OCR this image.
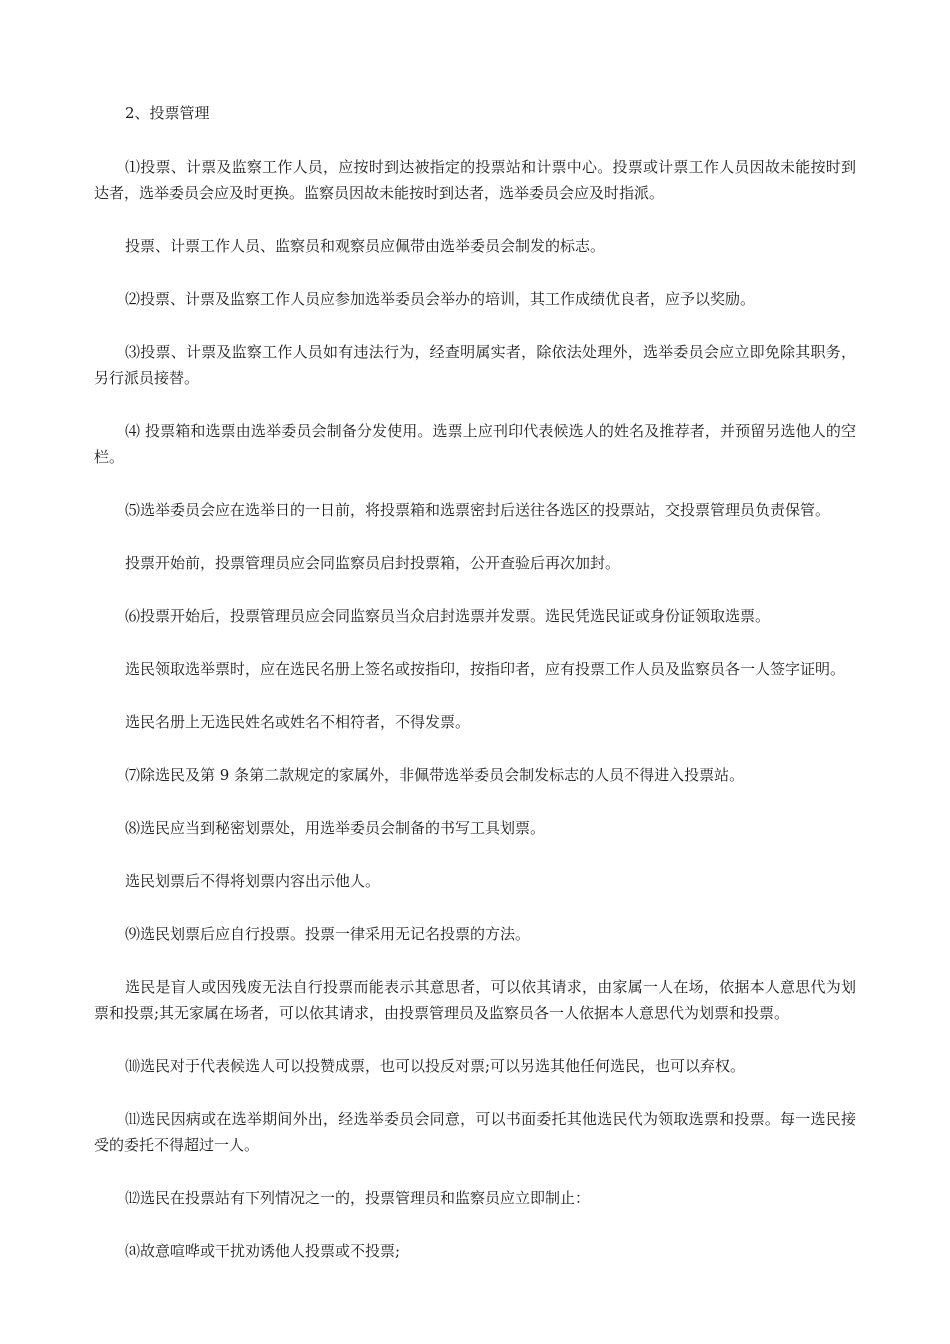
2、投票管理

⑴投票、计票及监察工作人员，应按时到达被指定的投票站和计票中心。投票或计票工作人员因故未能按时到达者，选举委员会应及时更换。监察员因故未能按时到达者，选举委员会应及时指派。

投票、计票工作人员、监察员和观察员应佩带由选举委员会制发的标志。

⑵投票、计票及监察工作人员应参加选举委员会举办的培训，其工作成绩优良者，应予以奖励。

⑶投票、计票及监察工作人员如有违法行为，经查明属实者，除依法处理外，选举委员会应立即免除其职务，另行派员接替。

⑷ 投票箱和选票由选举委员会制备分发使用。选票上应刊印代表候选人的姓名及推荐者，并预留另选他人的空栏。

⑸选举委员会应在选举日的一日前，将投票箱和选票密封后送往各选区的投票站，交投票管理员负责保管。

投票开始前，投票管理员应会同监察员启封投票箱，公开查验后再次加封。

⑹投票开始后，投票管理员应会同监察员当众启封选票并发票。选民凭选民证或身份证领取选票。

选民领取选举票时，应在选民名册上签名或按指印，按指印者，应有投票工作人员及监察员各一人签字证明。

选民名册上无选民姓名或姓名不相符者，不得发票。

⑺除选民及第 9 条第二款规定的家属外，非佩带选举委员会制发标志的人员不得进入投票站。

⑻选民应当到秘密划票处，用选举委员会制备的书写工具划票。

选民划票后不得将划票内容出示他人。

⑼选民划票后应自行投票。投票一律采用无记名投票的方法。

选民是盲人或因残废无法自行投票而能表示其意思者，可以依其请求，由家属一人在场，依据本人意思代为划票和投票;其无家属在场者，可以依其请求，由投票管理员及监察员各一人依据本人意思代为划票和投票。

⑽选民对于代表候选人可以投赞成票，也可以投反对票;可以另选其他任何选民，也可以弃权。

⑾选民因病或在选举期间外出，经选举委员会同意，可以书面委托其他选民代为领取选票和投票。每一选民接受的委托不得超过一人。

⑿选民在投票站有下列情况之一的，投票管理员和监察员应立即制止：

⒜故意喧哗或干扰劝诱他人投票或不投票;
